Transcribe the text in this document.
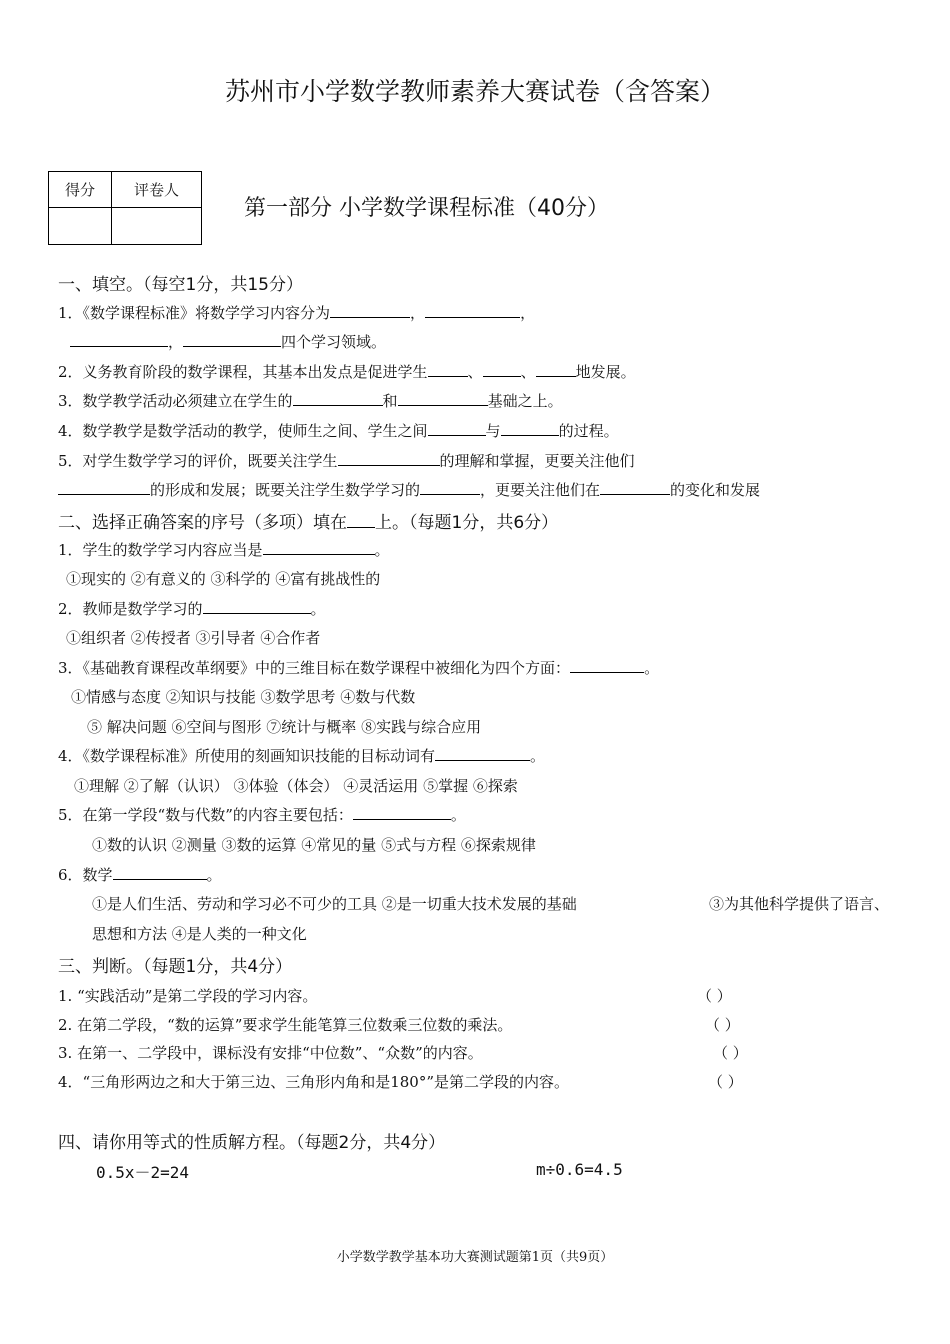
苏州市小学数学教师素养大赛试卷（含答案）
得分	评卷人

第一部分 小学数学课程标准（40分）
一、填空。（每空1分，共15分）
1．《数学课程标准》将数学学习内容分为	，	，
，	四个学习领域。
2．义务教育阶段的数学课程，其基本出发点是促进学生	、	、	地发展。
3．数学教学活动必须建立在学生的	和	基础之上。
4．数学教学是数学活动的教学，使师生之间、学生之间	与	的过程。
5．对学生数学学习的评价，既要关注学生	的理解和掌握，更要关注他们
的形成和发展；既要关注学生数学学习的	，更要关注他们在	的变化和发展
二、选择正确答案的序号（多项）填在 上。（每题1分，共6分）
1．学生的数学学习内容应当是	。
①现实的 ②有意义的 ③科学的 ④富有挑战性的
2．教师是数学学习的	。
①组织者 ②传授者 ③引导者 ④合作者
3．《基础教育课程改革纲要》中的三维目标在数学课程中被细化为四个方面：	。
①情感与态度 ②知识与技能 ③数学思考 ④数与代数
⑤ 解决问题 ⑥空间与图形 ⑦统计与概率 ⑧实践与综合应用
4．《数学课程标准》所使用的刻画知识技能的目标动词有	。
①理解 ②了解（认识） ③体验（体会） ④灵活运用 ⑤掌握 ⑥探索
5．在第一学段“数与代数”的内容主要包括：	。
①数的认识 ②测量 ③数的运算 ④常见的量 ⑤式与方程 ⑥探索规律
6．数学	。
①是人们生活、劳动和学习必不可少的工具 ②是一切重大技术发展的基础	③为其他科学提供了语言、
思想和方法 ④是人类的一种文化
三、判断。（每题1分，共4分）
1. “实践活动”是第二学段的学习内容。	（ ）
2. 在第二学段，“数的运算”要求学生能笔算三位数乘三位数的乘法。	（ ）
3. 在第一、二学段中，课标没有安排“中位数”、“众数”的内容。	（ ）
4．“三角形两边之和大于第三边、三角形内角和是180°”是第二学段的内容。	（ ）
四、请你用等式的性质解方程。（每题2分，共4分）
0.5x－2=24	m÷0.6=4.5
小学数学教学基本功大赛测试题第1页（共9页）
